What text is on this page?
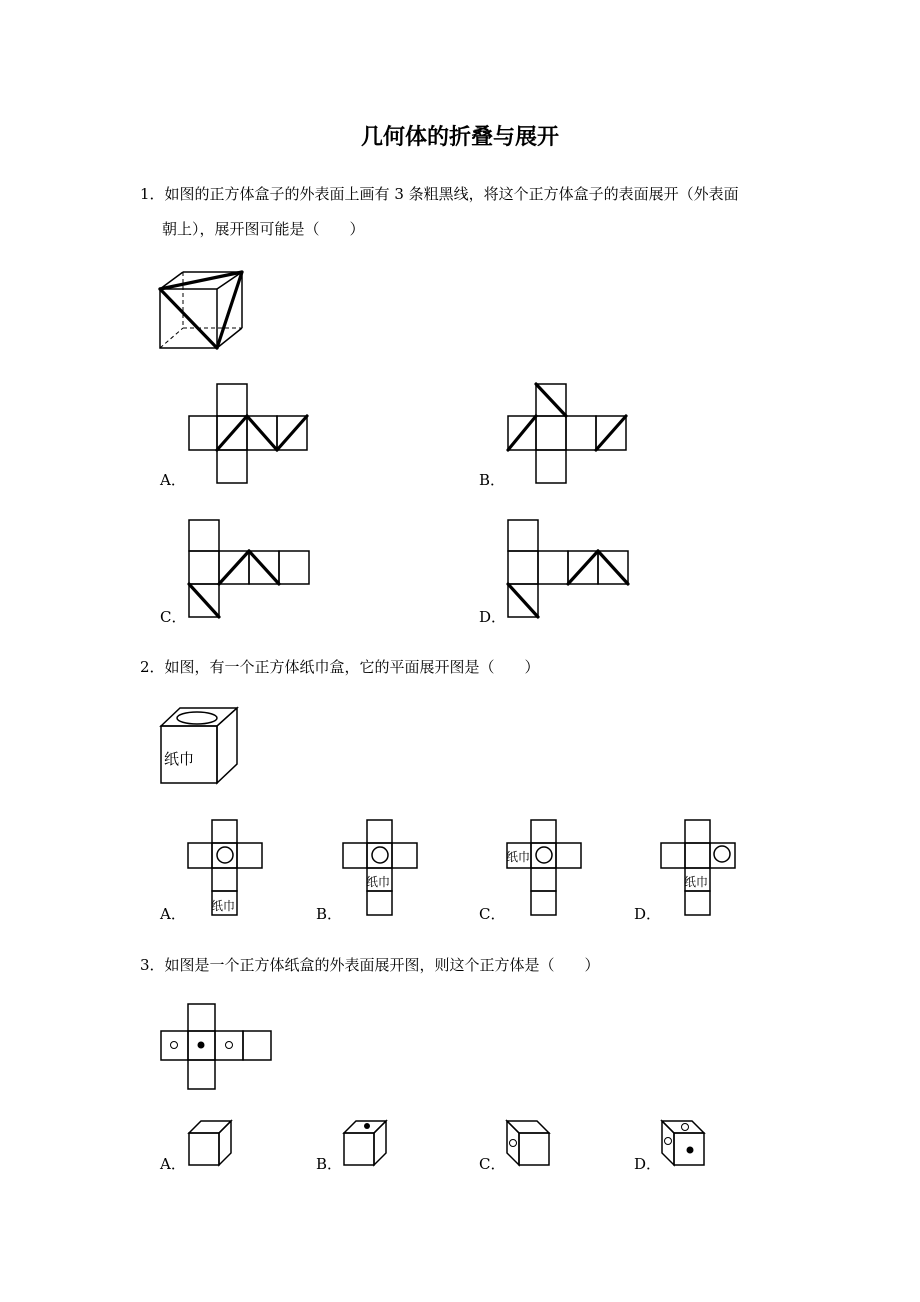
几何体的折叠与展开
1．如图的正方体盒子的外表面上画有 3 条粗黑线，将这个正方体盒子的表面展开（外表面
朝上），展开图可能是（　　）
A．	B．
C．	D．
2．如图，有一个正方体纸巾盒，它的平面展开图是（　　）
纸巾
A． 纸巾	B．
纸巾
C．
纸巾
D．
纸巾
3．如图是一个正方体纸盒的外表面展开图，则这个正方体是（　　）
A．	B．	C．	D．
